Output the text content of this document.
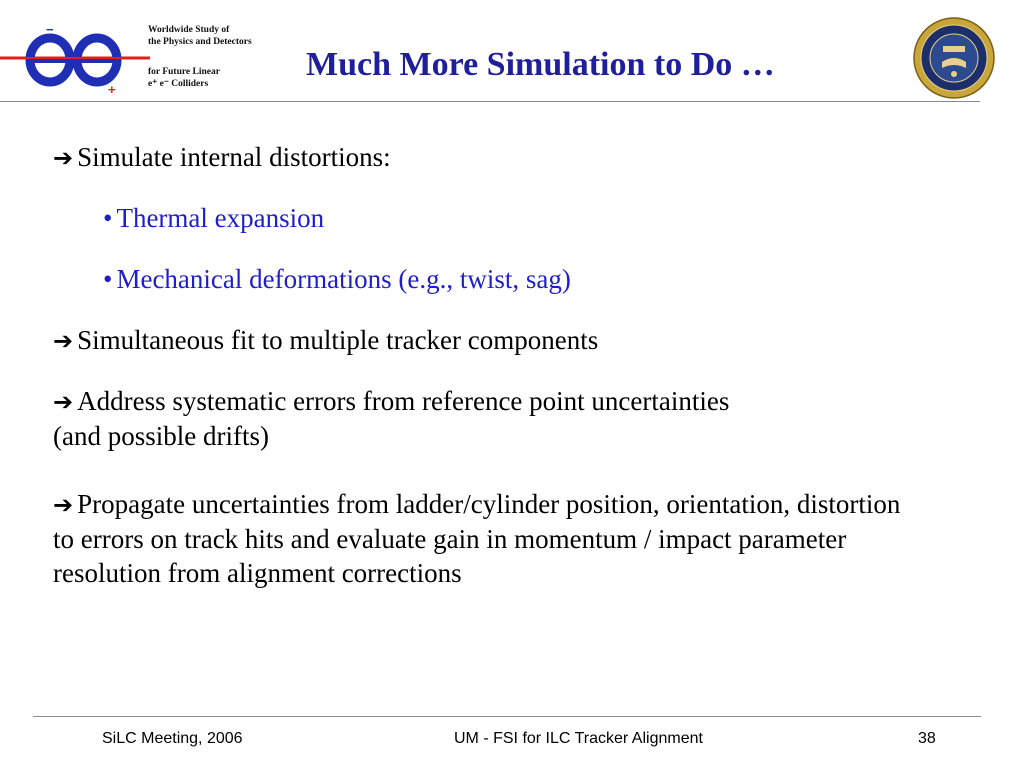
−
+
Worldwide Study of
the Physics and Detectors
for Future Linear
e⁺ e⁻ Colliders
Much More Simulation to Do …
➔ Simulate internal distortions:
• Thermal expansion
• Mechanical deformations (e.g., twist, sag)
➔ Simultaneous fit to multiple tracker components
➔ Address systematic errors from reference point uncertainties (and possible drifts)
➔ Propagate uncertainties from ladder/cylinder position, orientation, distortion to errors on track hits and evaluate gain in momentum / impact parameter resolution from alignment corrections
SiLC Meeting, 2006	UM - FSI for ILC Tracker Alignment	38
